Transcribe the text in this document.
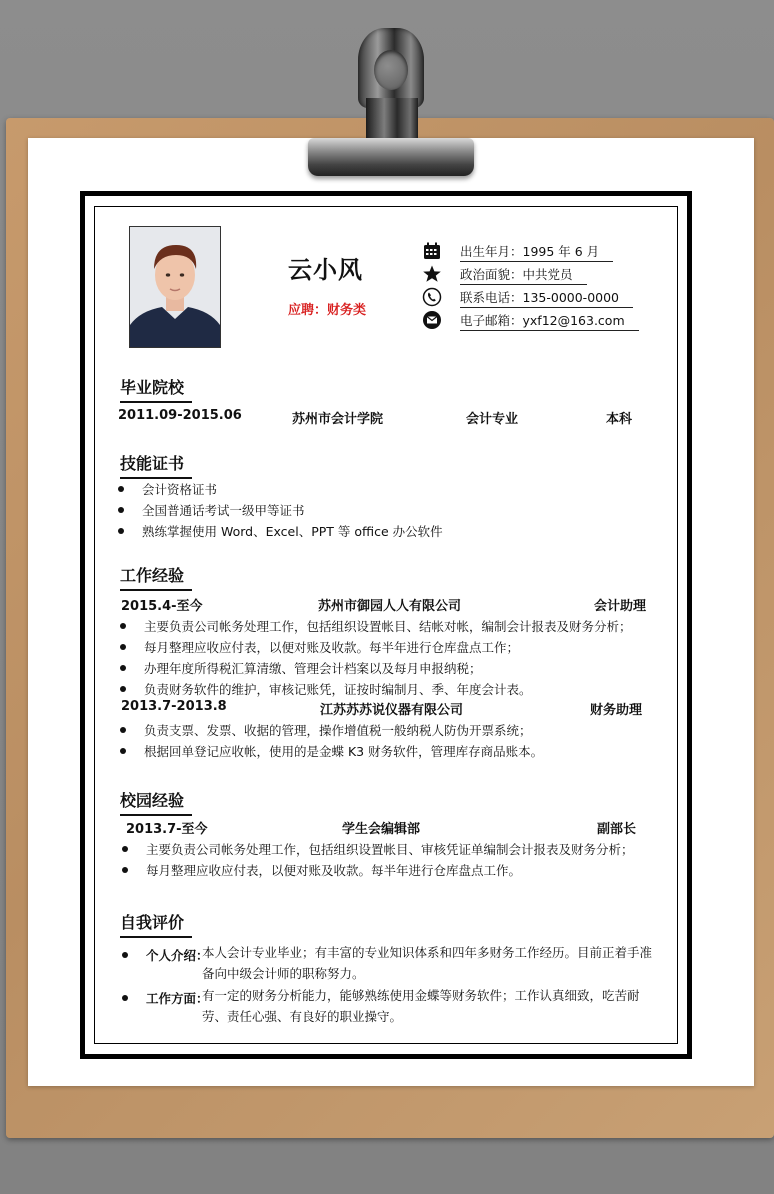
云小风
应聘：财务类
出生年月：1995 年 6 月
政治面貌：中共党员
联系电话：135-0000-0000
电子邮箱：yxf12@163.com
毕业院校
2011.09-2015.06	苏州市会计学院	会计专业	本科
技能证书
会计资格证书
全国普通话考试一级甲等证书
熟练掌握使用 Word、Excel、PPT 等 office 办公软件
工作经验
2015.4-至今	苏州市御园人人有限公司	会计助理
主要负责公司帐务处理工作，包括组织设置帐目、结帐对帐，编制会计报表及财务分析；
每月整理应收应付表，以便对账及收款。每半年进行仓库盘点工作；
办理年度所得税汇算清缴、管理会计档案以及每月申报纳税；
负责财务软件的维护，审核记账凭，证按时编制月、季、年度会计表。
2013.7-2013.8	江苏苏苏说仪器有限公司	财务助理
负责支票、发票、收据的管理，操作增值税一般纳税人防伪开票系统；
根据回单登记应收帐，使用的是金蝶 K3 财务软件，管理库存商品账本。
校园经验
2013.7-至今	学生会编辑部	副部长
主要负责公司帐务处理工作，包括组织设置帐目、审核凭证单编制会计报表及财务分析；
每月整理应收应付表，以便对账及收款。每半年进行仓库盘点工作。
自我评价
个人介绍：
本人会计专业毕业；有丰富的专业知识体系和四年多财务工作经历。目前正着手准备向中级会计师的职称努力。
工作方面：
有一定的财务分析能力，能够熟练使用金蝶等财务软件；工作认真细致，吃苦耐劳、责任心强、有良好的职业操守。
